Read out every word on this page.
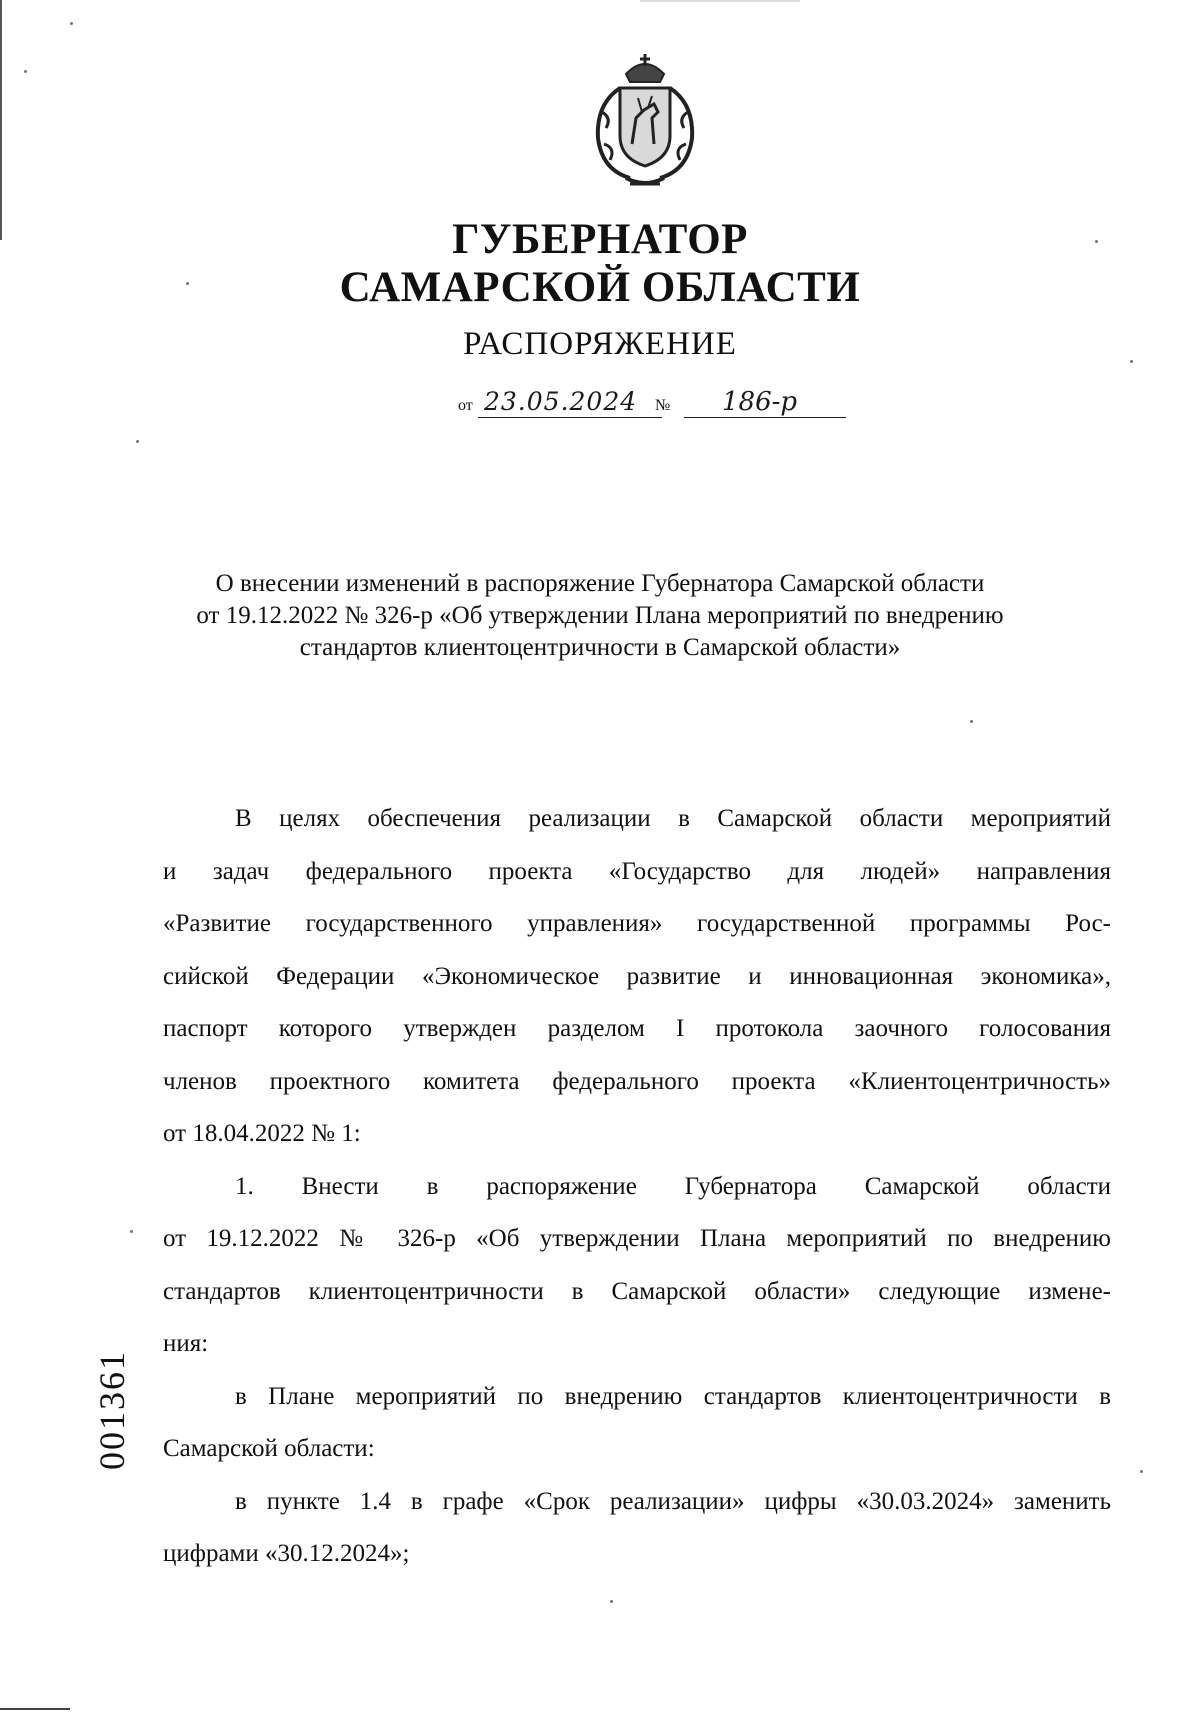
ГУБЕРНАТОР
САМАРСКОЙ ОБЛАСТИ
РАСПОРЯЖЕНИЕ
от 23.05.2024 № 186-р
О внесении изменений в распоряжение Губернатора Самарской области
от 19.12.2022 № 326-р «Об утверждении Плана мероприятий по внедрению
стандартов клиентоцентричности в Самарской области»

В целях обеспечения реализации в Самарской области мероприятий

и задач федерального проекта «Государство для людей» направления

«Развитие государственного управления» государственной программы Рос-

сийской Федерации «Экономическое развитие и инновационная экономика»,

паспорт которого утвержден разделом I протокола заочного голосования

членов проектного комитета федерального проекта «Клиентоцентричность»

от 18.04.2022 № 1:

1. Внести в распоряжение Губернатора Самарской области

от 19.12.2022 № 326-р «Об утверждении Плана мероприятий по внедрению

стандартов клиентоцентричности в Самарской области» следующие измене-

ния:

в Плане мероприятий по внедрению стандартов клиентоцентричности в

Самарской области:

в пункте 1.4 в графе «Срок реализации» цифры «30.03.2024» заменить

цифрами «30.12.2024»;

001361
